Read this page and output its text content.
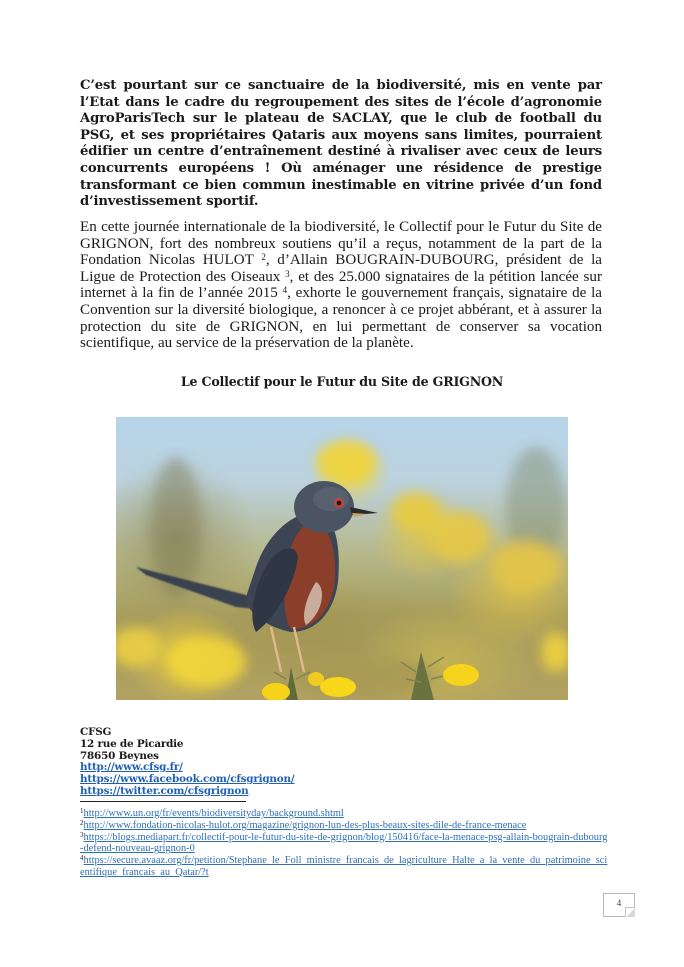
C’est pourtant sur ce sanctuaire de la biodiversité, mis en vente par l’Etat dans le cadre du regroupement des sites de l’école d’agronomie AgroParisTech sur le plateau de SACLAY, que le club de football du PSG, et ses propriétaires Qataris aux moyens sans limites, pourraient édifier un centre d’entraînement destiné à rivaliser avec ceux de leurs concurrents européens ! Où aménager une résidence de prestige transformant ce bien commun inestimable en vitrine privée d’un fond d’investissement sportif.

En cette journée internationale de la biodiversité, le Collectif pour le Futur du Site de GRIGNON, fort des nombreux soutiens qu’il a reçus, notamment de la part de la Fondation Nicolas HULOT $^2$, d’Allain BOUGRAIN-DUBOURG, président de la Ligue de Protection des Oiseaux $^3$, et des 25.000 signataires de la pétition lancée sur internet à la fin de l’année 2015 $^4$, exhorte le gouvernement français, signataire de la Convention sur la diversité biologique, a renoncer à ce projet abbérant, et à assurer la protection du site de GRIGNON, en lui permettant de conserver sa vocation scientifique, au service de la préservation de la planète.

Le Collectif pour le Futur du Site de GRIGNON
CFSG
12 rue de Picardie
78650 Beynes
http://www.cfsg.fr/
https://www.facebook.com/cfsgrignon/
https://twitter.com/cfsgrignon
$^1$http://www.un.org/fr/events/biodiversityday/background.shtml
$^2$http://www.fondation-nicolas-hulot.org/magazine/grignon-lun-des-plus-beaux-sites-dile-de-france-menace
$^3$https://blogs.mediapart.fr/collectif-pour-le-futur-du-site-de-grignon/blog/150416/face-la-menace-psg-allain-bougrain-dubourg-defend-nouveau-grignon-0
$^4$https://secure.avaaz.org/fr/petition/Stephane_le_Foll_ministre_francais_de_lagriculture_Halte_a_la_vente_du_patrimoine_scientifique_francais_au_Qatar/?t
4
